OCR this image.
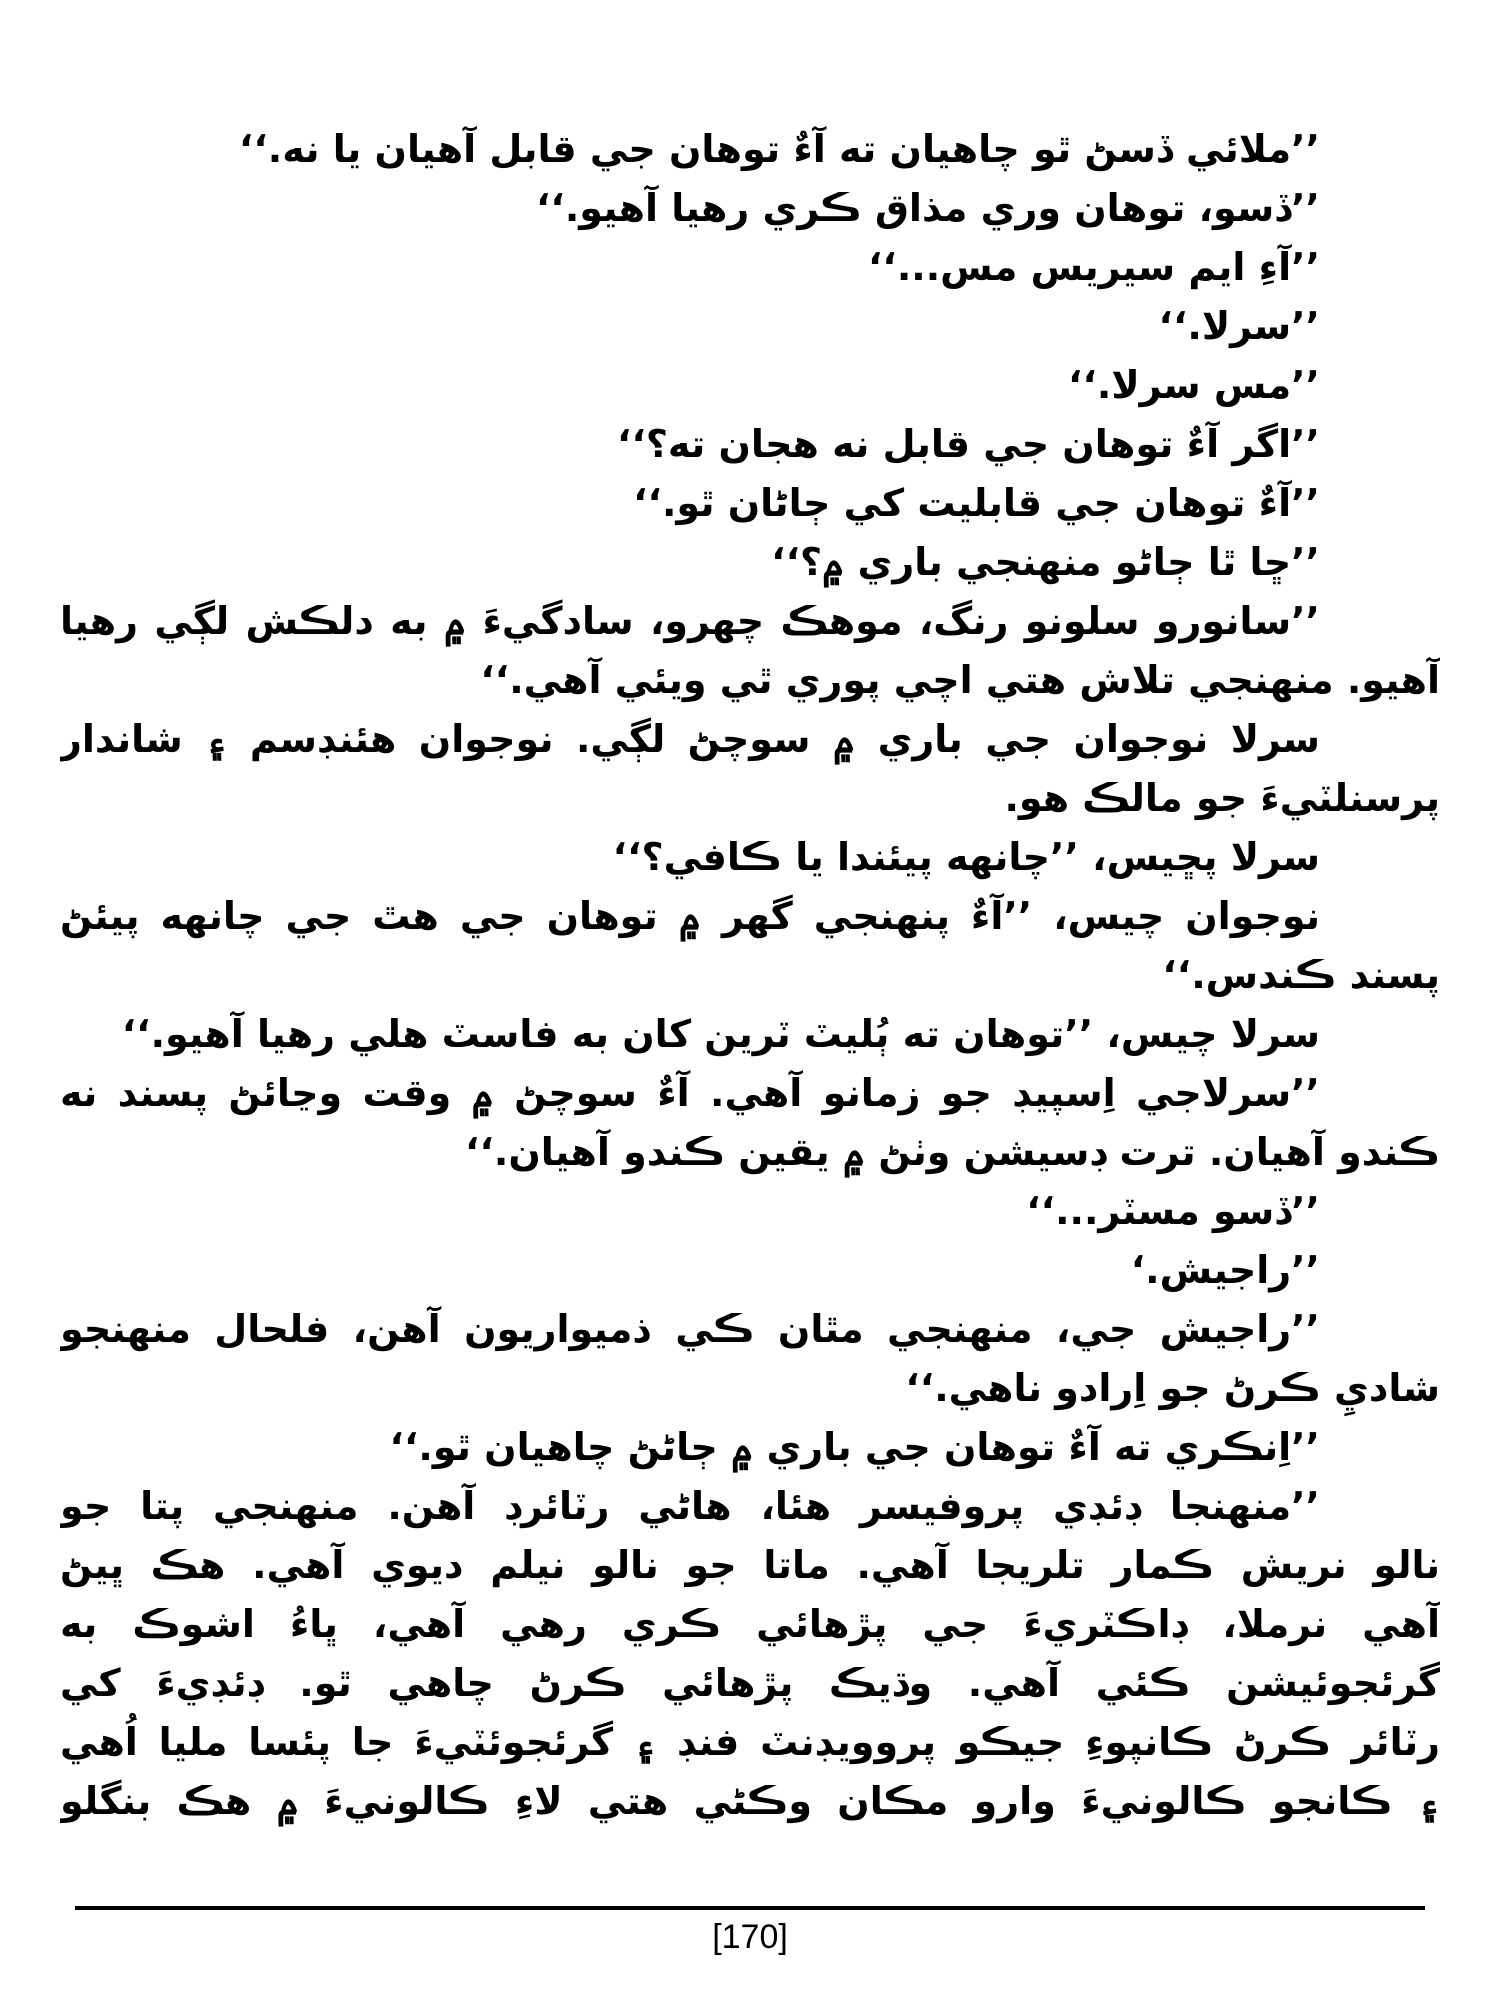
’’ملائي ڏسڻ ٿو چاهيان ته آءٌ توهان جي قابل آهيان يا نه.‘‘
’’ڏسو، توهان وري مذاق ڪري رهيا آهيو.‘‘
’’آءِ ايم سيريس مس...‘‘
’’سرلا.‘‘
’’مس سرلا.‘‘
’’اگر آءٌ توهان جي قابل نه هجان ته؟‘‘
’’آءٌ توهان جي قابليت کي ڄاڻان ٿو.‘‘
’’ڇا ٿا ڄاڻو منهنجي باري ۾؟‘‘
’’سانورو سلونو رنگ، موهڪ چهرو، سادگيءَ ۾ به دلڪش لڳي رهيا
آهيو. منهنجي تلاش هتي اچي پوري ٿي ويئي آهي.‘‘
سرلا نوجوان جي باري ۾ سوچڻ لڳي. نوجوان هئنڊسم ۽ شاندار
پرسنلٽيءَ جو مالڪ هو.
سرلا پڇيس، ’’چانهه پيئندا يا ڪافي؟‘‘
نوجوان چيس، ’’آءٌ پنهنجي گهر ۾ توهان جي هٿ جي چانهه پيئڻ
پسند ڪندس.‘‘
سرلا چيس، ’’توهان ته ٻُليٽ ٽرين کان به فاسٽ هلي رهيا آهيو.‘‘
’’سرلاجي اِسپيڊ جو زمانو آهي. آءٌ سوچڻ ۾ وقت وڃائڻ پسند نه
ڪندو آهيان. ترت ڊسيشن وٺڻ ۾ يقين ڪندو آهيان.‘‘
’’ڏسو مسٽر...‘‘
’’راجيش.‘
’’راجيش جي، منهنجي مٿان ڪي ذميواريون آهن، فلحال منهنجو
شاديِ ڪرڻ جو اِرادو ناهي.‘‘
’’اِنڪري ته آءٌ توهان جي باري ۾ ڄاڻڻ چاهيان ٿو.‘‘
’’منهنجا ڊئڊي پروفيسر هئا، هاڻي رٽائرڊ آهن. منهنجي پتا جو
نالو نريش ڪمار تلريجا آهي. ماتا جو نالو نيلم ديوي آهي. هڪ ڀيڻ
آهي نرملا، ڊاڪٽريءَ جي پڙهائي ڪري رهي آهي، ڀاءُ اشوڪ به
گرئجوئيشن ڪئي آهي. وڌيڪ پڙهائي ڪرڻ چاهي ٿو. ڊئڊيءَ کي
رٽائر ڪرڻ ڪانپوءِ جيڪو پروويڊنٽ فنڊ ۽ گرئجوئٽيءَ جا پئسا مليا اُهي
۽ ڪانجو ڪالونيءَ وارو مڪان وڪڻي هتي لاءِ ڪالونيءَ ۾ هڪ بنگلو
[170]
